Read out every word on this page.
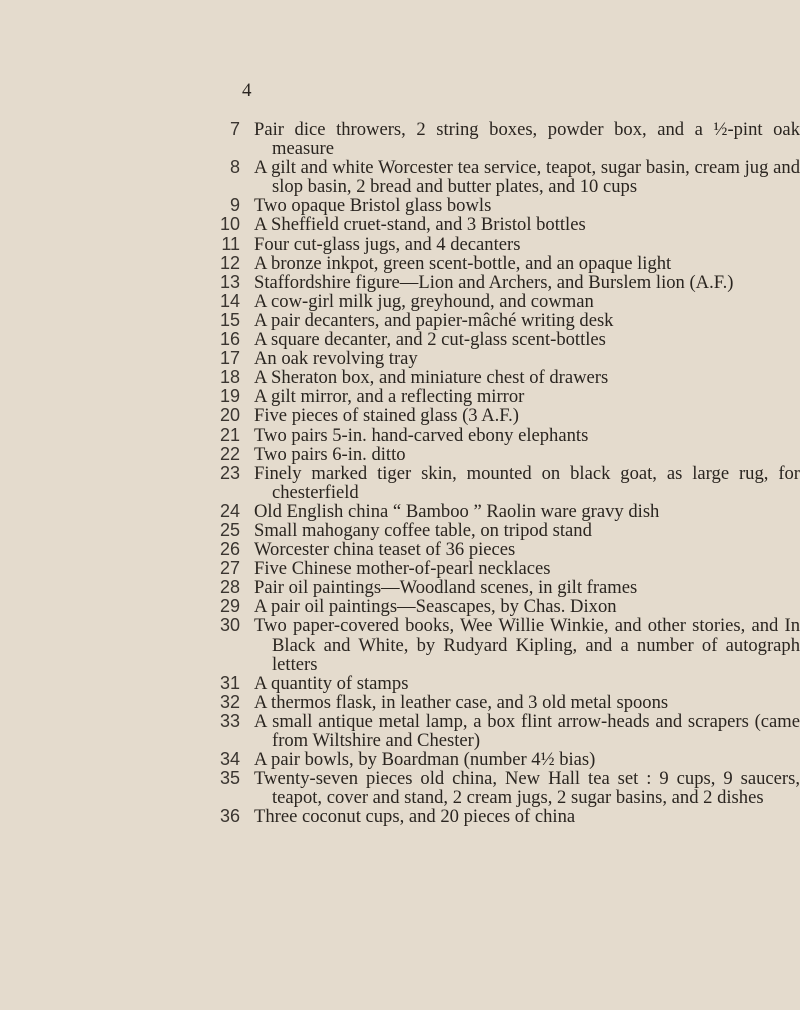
4
7 Pair dice throwers, 2 string boxes, powder box, and a ½-pint oak measure
8 A gilt and white Worcester tea service, teapot, sugar basin, cream jug and slop basin, 2 bread and butter plates, and 10 cups
9 Two opaque Bristol glass bowls
10 A Sheffield cruet-stand, and 3 Bristol bottles
11 Four cut-glass jugs, and 4 decanters
12 A bronze inkpot, green scent-bottle, and an opaque light
13 Staffordshire figure—Lion and Archers, and Burslem lion (A.F.)
14 A cow-girl milk jug, greyhound, and cowman
15 A pair decanters, and papier-mâché writing desk
16 A square decanter, and 2 cut-glass scent-bottles
17 An oak revolving tray
18 A Sheraton box, and miniature chest of drawers
19 A gilt mirror, and a reflecting mirror
20 Five pieces of stained glass (3 A.F.)
21 Two pairs 5-in. hand-carved ebony elephants
22 Two pairs 6-in. ditto
23 Finely marked tiger skin, mounted on black goat, as large rug, for chesterfield
24 Old English china “ Bamboo ” Raolin ware gravy dish
25 Small mahogany coffee table, on tripod stand
26 Worcester china teaset of 36 pieces
27 Five Chinese mother-of-pearl necklaces
28 Pair oil paintings—Woodland scenes, in gilt frames
29 A pair oil paintings—Seascapes, by Chas. Dixon
30 Two paper-covered books, Wee Willie Winkie, and other stories, and In Black and White, by Rudyard Kipling, and a number of autograph letters
31 A quantity of stamps
32 A thermos flask, in leather case, and 3 old metal spoons
33 A small antique metal lamp, a box flint arrow-heads and scrapers (came from Wiltshire and Chester)
34 A pair bowls, by Boardman (number 4½ bias)
35 Twenty-seven pieces old china, New Hall tea set : 9 cups, 9 saucers, teapot, cover and stand, 2 cream jugs, 2 sugar basins, and 2 dishes
36 Three coconut cups, and 20 pieces of china
